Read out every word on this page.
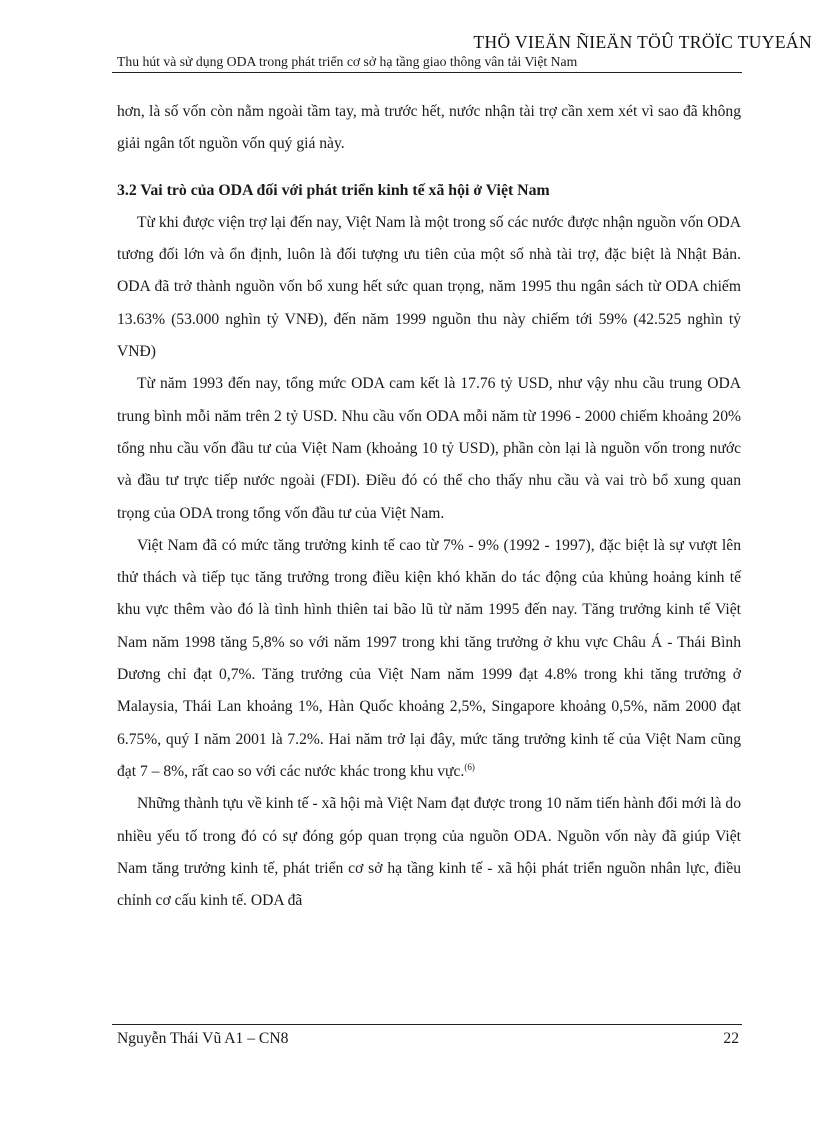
THÖ VIEÄN ÑIEÄN TÖÛ TRÖÏC TUYEÁN
Thu hút và sử dụng ODA trong phát triển cơ sở hạ tầng giao thông vân tải Việt Nam

hơn, là số vốn còn nằm ngoài tầm tay, mà trước hết, nước nhận tài trợ cần xem xét vì sao đã không giải ngân tốt nguồn vốn quý giá này.

3.2 Vai trò của ODA đối với phát triển kinh tế xã hội ở Việt Nam

Từ khi được viện trợ lại đến nay, Việt Nam là một trong số các nước được nhận nguồn vốn ODA tương đối lớn và ổn định, luôn là đối tượng ưu tiên của một số nhà tài trợ, đặc biệt là Nhật Bản. ODA đã trở thành nguồn vốn bổ xung hết sức quan trọng, năm 1995 thu ngân sách từ ODA chiếm 13.63% (53.000 nghìn tỷ VNĐ), đến năm 1999 nguồn thu này chiếm tới 59% (42.525 nghìn tỷ VNĐ)

Từ năm 1993 đến nay, tổng mức ODA cam kết là 17.76 tỷ USD, như vậy nhu cầu trung ODA trung bình mỗi năm trên 2 tỷ USD. Nhu cầu vốn ODA mỗi năm từ 1996 - 2000 chiếm khoảng 20% tổng nhu cầu vốn đầu tư của Việt Nam (khoảng 10 tỷ USD), phần còn lại là nguồn vốn trong nước và đầu tư trực tiếp nước ngoài (FDI). Điều đó có thể cho thấy nhu cầu và vai trò bổ xung quan trọng của ODA trong tổng vốn đầu tư của Việt Nam.

Việt Nam đã có mức tăng trưởng kinh tế cao từ 7% - 9% (1992 - 1997), đặc biệt là sự vượt lên thử thách và tiếp tục tăng trưởng trong điều kiện khó khăn do tác động của khủng hoảng kinh tế khu vực thêm vào đó là tình hình thiên tai bão lũ từ năm 1995 đến nay. Tăng trưởng kinh tế Việt Nam năm 1998 tăng 5,8% so với năm 1997 trong khi tăng trưởng ở khu vực Châu Á - Thái Bình Dương chỉ đạt 0,7%. Tăng trưởng của Việt Nam năm 1999 đạt 4.8% trong khi tăng trưởng ở Malaysia, Thái Lan khoảng 1%, Hàn Quốc khoảng 2,5%, Singapore khoảng 0,5%, năm 2000 đạt 6.75%, quý I năm 2001 là 7.2%. Hai năm trở lại đây, mức tăng trưởng kinh tế của Việt Nam cũng đạt 7 – 8%, rất cao so với các nước khác trong khu vực.$^{(6)}$

Những thành tựu về kinh tế - xã hội mà Việt Nam đạt được trong 10 năm tiến hành đổi mới là do nhiều yếu tố trong đó có sự đóng góp quan trọng của nguồn ODA. Nguồn vốn này đã giúp Việt Nam tăng trưởng kinh tế, phát triển cơ sở hạ tầng kinh tế - xã hội phát triển nguồn nhân lực, điều chỉnh cơ cấu kinh tế. ODA đã

Nguyễn Thái Vũ A1 – CN8	22
